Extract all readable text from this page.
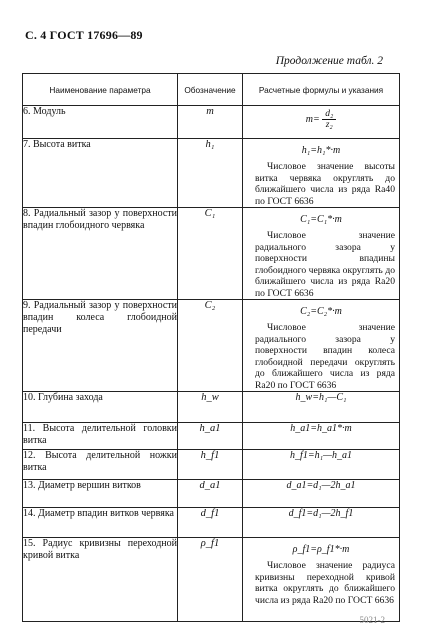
С. 4 ГОСТ 17696—89
Продолжение табл. 2
Наименование параметра	Обозначение	Расчетные формулы и указания
6. Модуль	m	$m= \frac{\text{d₂}}{\text{z₂}}$

7. Высота витка	h₁	h₁=h₁*·m
Числовое значение высоты витка червяка округлять до ближайшего числа из ряда Ra40 по ГОСТ 6636

8. Радиальный зазор у поверхности впадин глобоидного червяка	C₁	C₁=C₁*·m
Числовое значение радиального зазора у поверхности впадины глобоидного червяка округлять до ближайшего числа из ряда Ra20 по ГОСТ 6636

9. Радиальный зазор у поверхности впадин колеса глобоидной передачи	C₂	C₂=C₂*·m
Числовое значение радиального зазора у поверхности впадин колеса глобоидной передачи округлять до ближайшего числа из ряда Ra20 по ГОСТ 6636

10. Глубина захода	h_w	h_w=h₁—C₁
11. Высота делительной головки витка	h_a1	h_a1=h_a1*·m
12. Высота делительной ножки витка	h_f1	h_f1=h₁—h_a1
13. Диаметр вершин витков	d_a1	d_a1=d₁—2h_a1
14. Диаметр впадин витков червяка	d_f1	d_f1=d₁—2h_f1
15. Радиус кривизны переходной кривой витка	ρ_f1	ρ_f1=ρ_f1*·m
Числовое значение радиуса кривизны переходной кривой витка округлять до ближайшего числа из ряда Ra20 по ГОСТ 6636
5021-2
